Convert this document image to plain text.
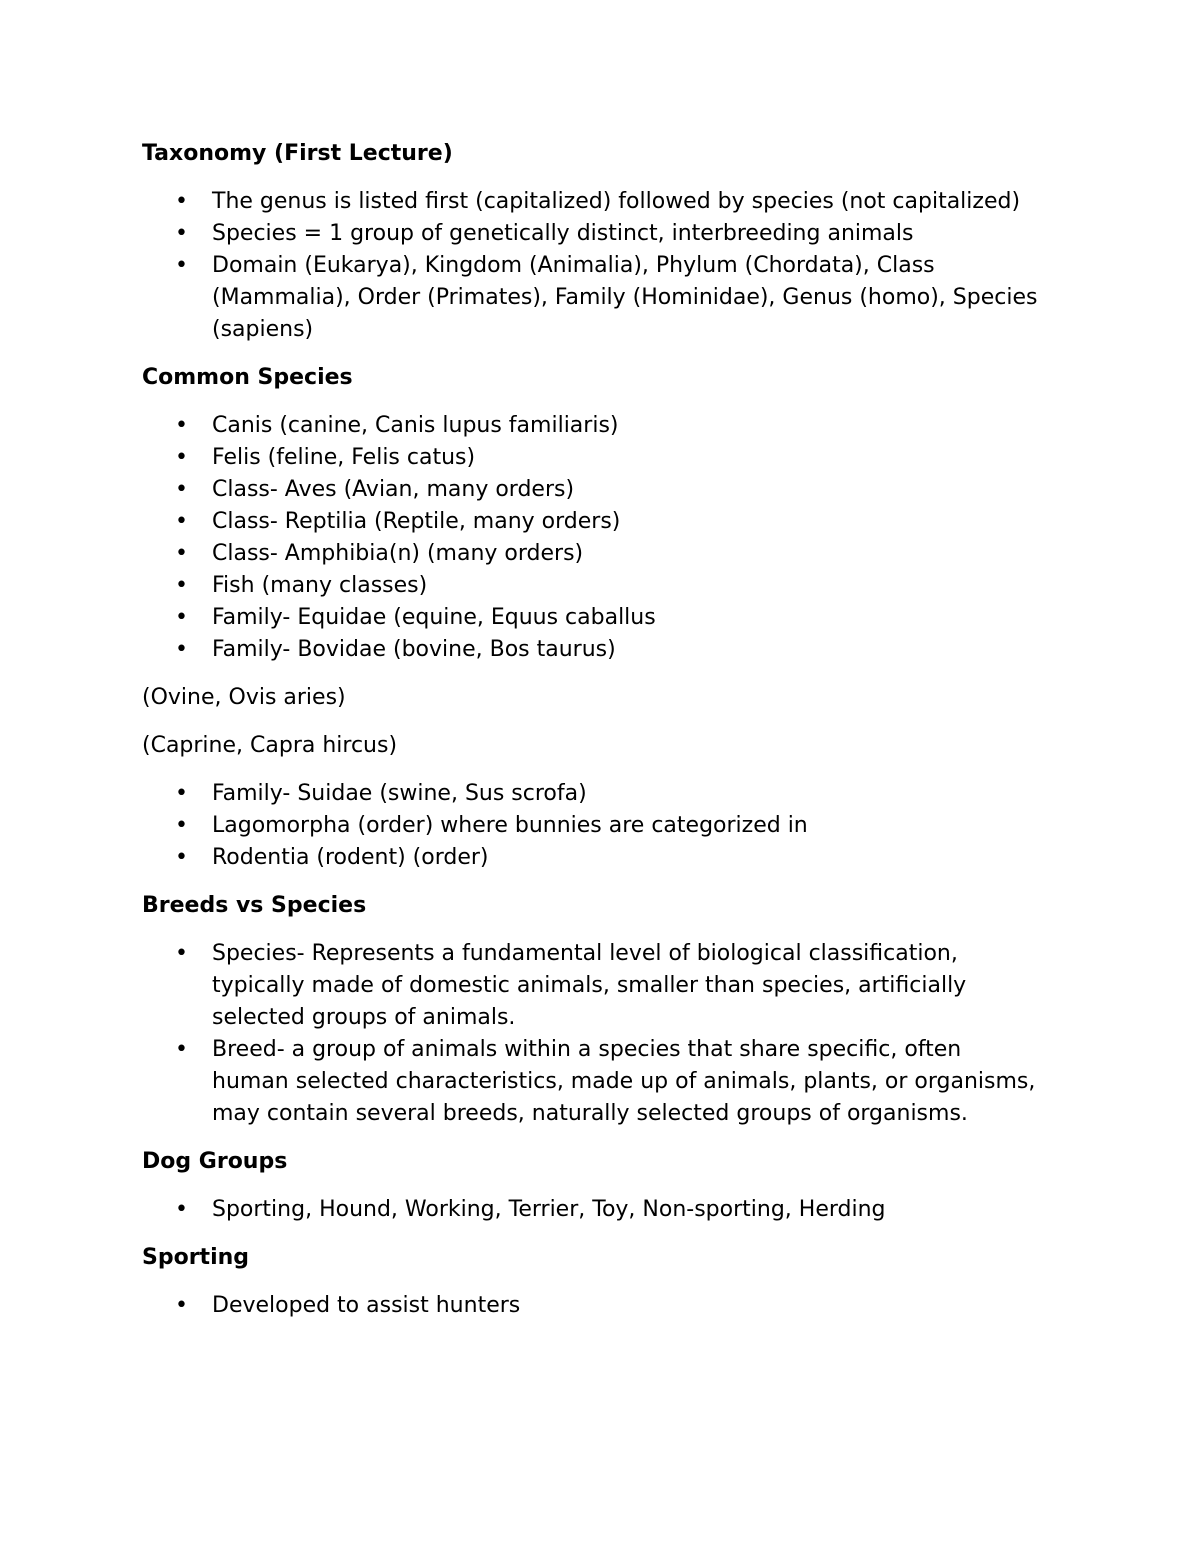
Taxonomy (First Lecture)
• The genus is listed first (capitalized) followed by species (not capitalized)
• Species = 1 group of genetically distinct, interbreeding animals
• Domain (Eukarya), Kingdom (Animalia), Phylum (Chordata), Class (Mammalia), Order (Primates), Family (Hominidae), Genus (homo), Species (sapiens)
Common Species
• Canis (canine, Canis lupus familiaris)
• Felis (feline, Felis catus)
• Class- Aves (Avian, many orders)
• Class- Reptilia (Reptile, many orders)
• Class- Amphibia(n) (many orders)
• Fish (many classes)
• Family- Equidae (equine, Equus caballus
• Family- Bovidae (bovine, Bos taurus)
(Ovine, Ovis aries)
(Caprine, Capra hircus)
• Family- Suidae (swine, Sus scrofa)
• Lagomorpha (order) where bunnies are categorized in
• Rodentia (rodent) (order)
Breeds vs Species
• Species- Represents a fundamental level of biological classification, typically made of domestic animals, smaller than species, artificially selected groups of animals.
• Breed- a group of animals within a species that share specific, often human selected characteristics, made up of animals, plants, or organisms, may contain several breeds, naturally selected groups of organisms.
Dog Groups
• Sporting, Hound, Working, Terrier, Toy, Non-sporting, Herding
Sporting
• Developed to assist hunters
